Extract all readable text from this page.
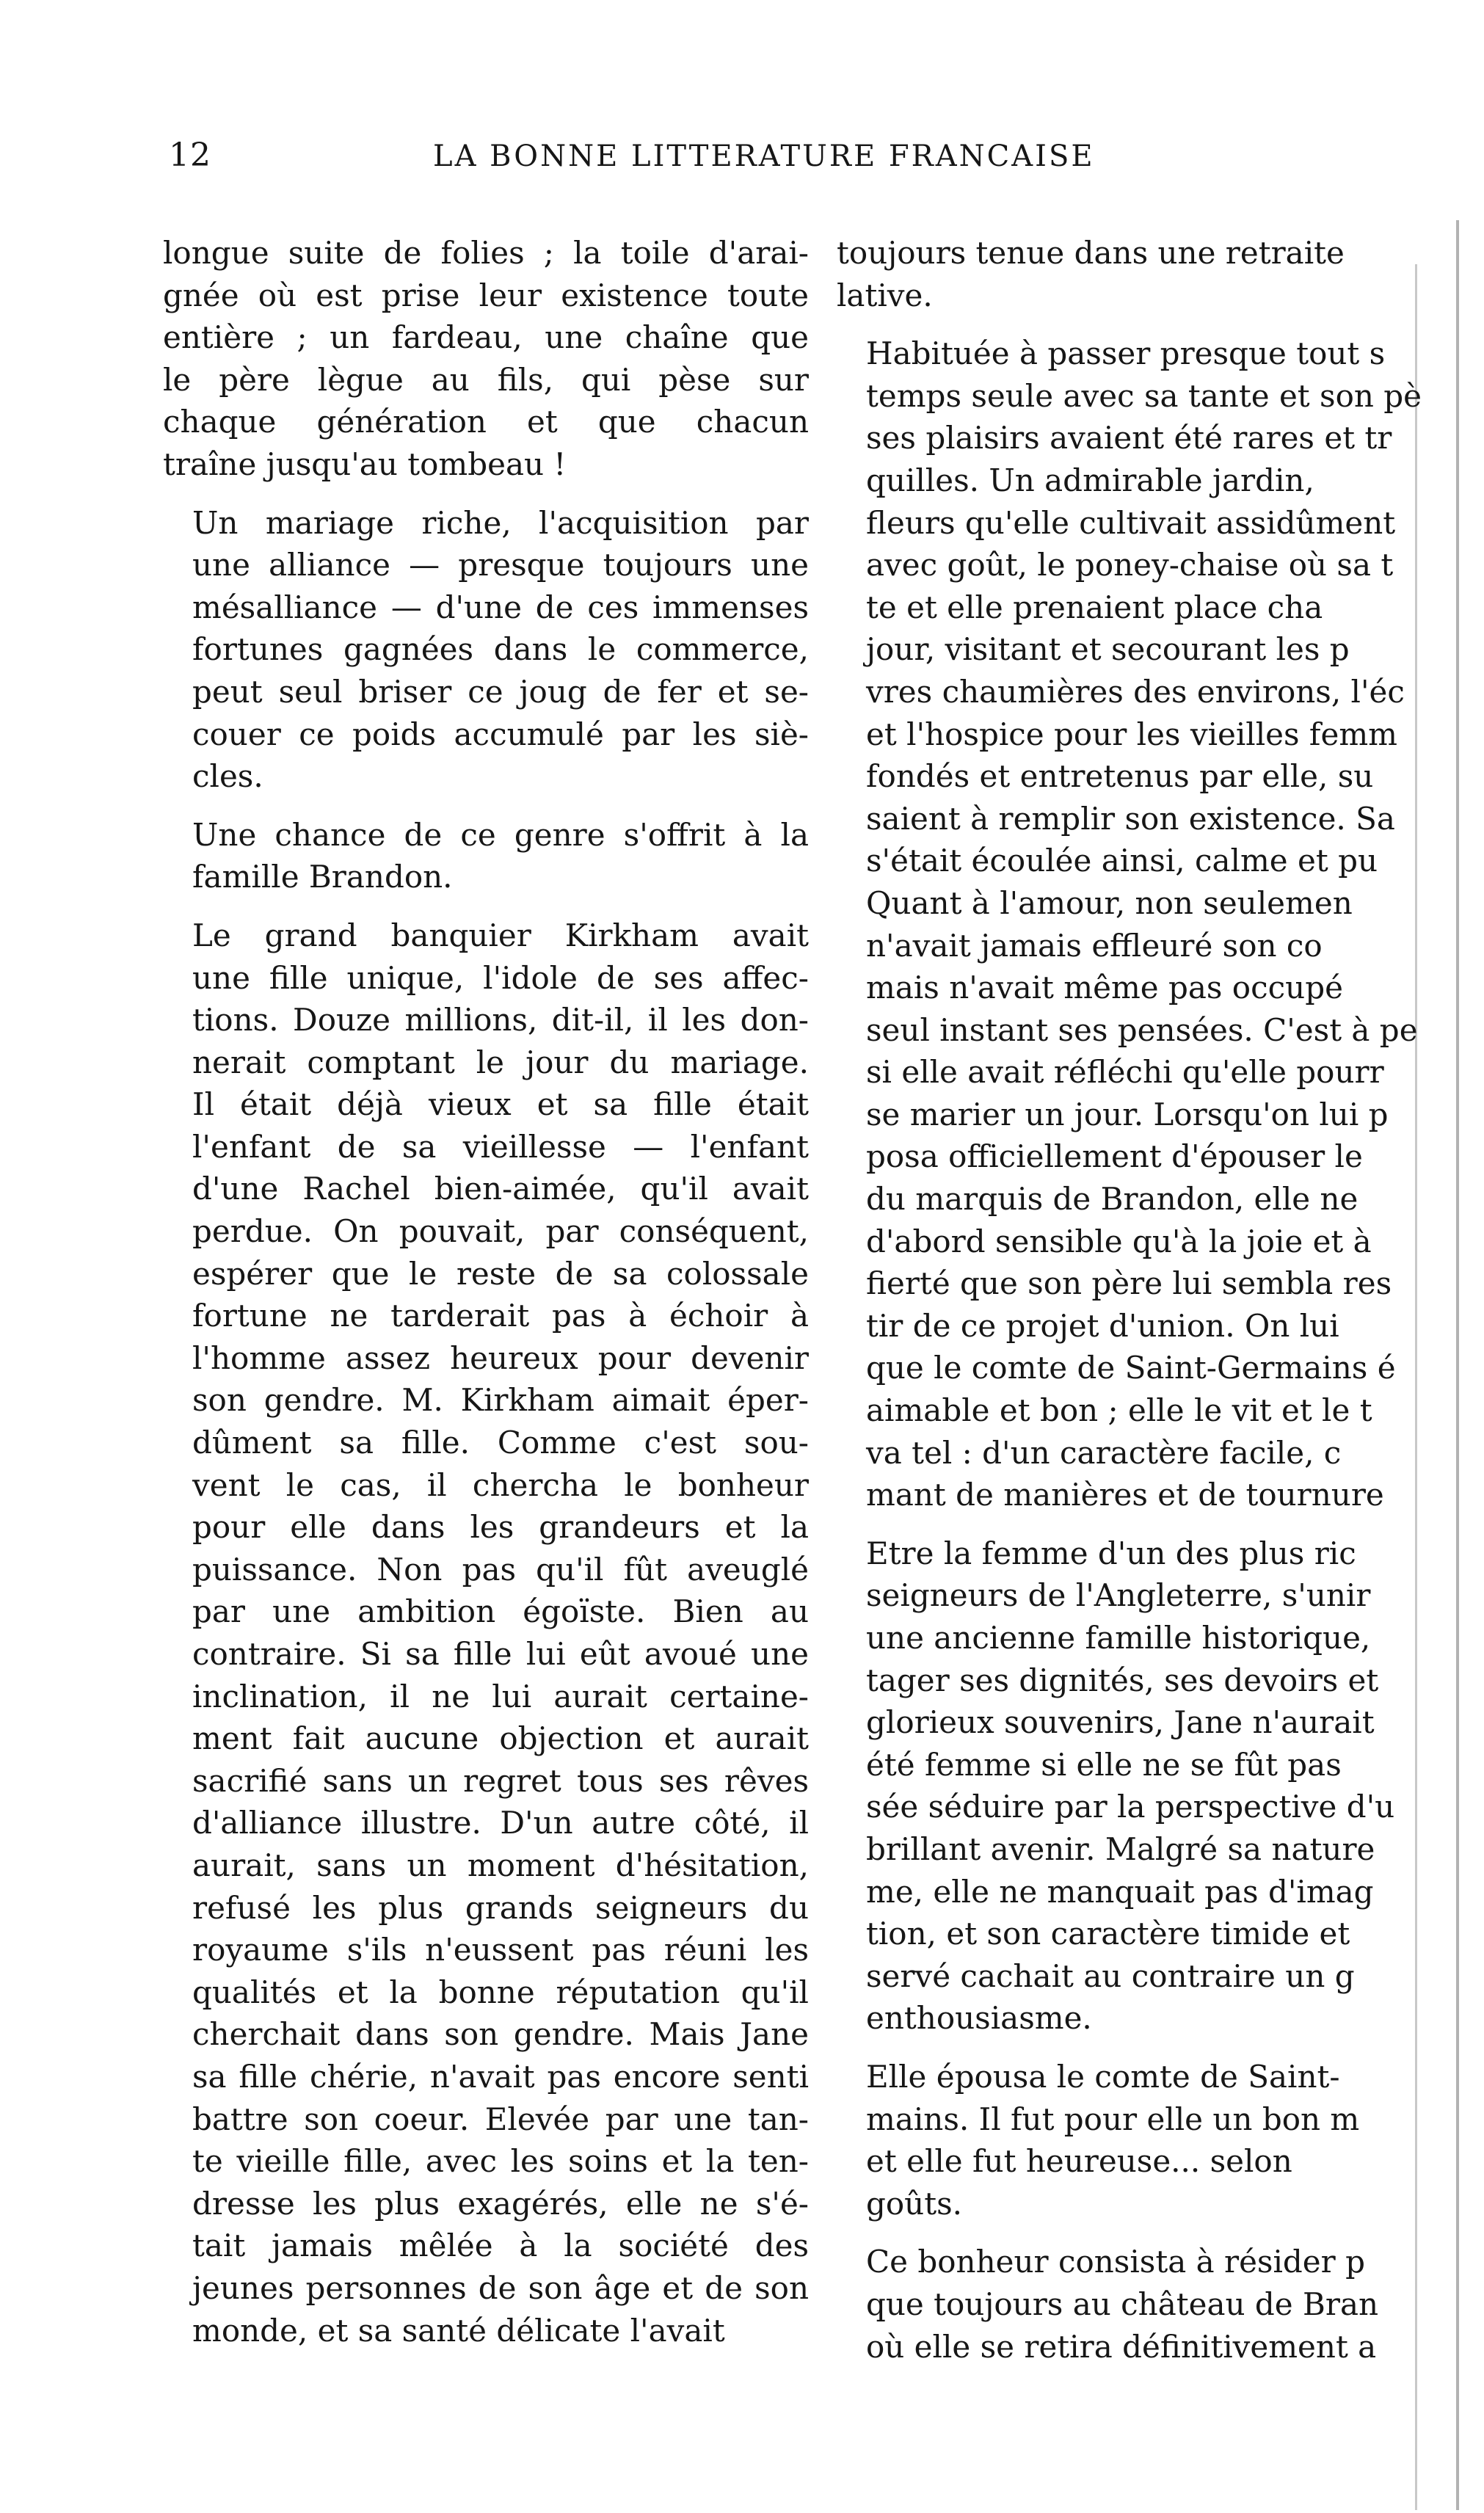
12	LA BONNE LITTERATURE FRANCAISE
longue suite de folies ; la toile d'arai-
gnée où est prise leur existence toute
entière ; un fardeau, une chaîne que
le père lègue au fils, qui pèse sur
chaque génération et que chacun
traîne jusqu'au tombeau !
Un mariage riche, l'acquisition par
une alliance — presque toujours une
mésalliance — d'une de ces immenses
fortunes gagnées dans le commerce,
peut seul briser ce joug de fer et se-
couer ce poids accumulé par les siè-
cles.
Une chance de ce genre s'offrit à la
famille Brandon.
Le grand banquier Kirkham avait
une fille unique, l'idole de ses affec-
tions. Douze millions, dit-il, il les don-
nerait comptant le jour du mariage.
Il était déjà vieux et sa fille était
l'enfant de sa vieillesse — l'enfant
d'une Rachel bien-aimée, qu'il avait
perdue. On pouvait, par conséquent,
espérer que le reste de sa colossale
fortune ne tarderait pas à échoir à
l'homme assez heureux pour devenir
son gendre. M. Kirkham aimait éper-
dûment sa fille. Comme c'est sou-
vent le cas, il chercha le bonheur
pour elle dans les grandeurs et la
puissance. Non pas qu'il fût aveuglé
par une ambition égoïste. Bien au
contraire. Si sa fille lui eût avoué une
inclination, il ne lui aurait certaine-
ment fait aucune objection et aurait
sacrifié sans un regret tous ses rêves
d'alliance illustre. D'un autre côté, il
aurait, sans un moment d'hésitation,
refusé les plus grands seigneurs du
royaume s'ils n'eussent pas réuni les
qualités et la bonne réputation qu'il
cherchait dans son gendre. Mais Jane
sa fille chérie, n'avait pas encore senti
battre son coeur. Elevée par une tan-
te vieille fille, avec les soins et la ten-
dresse les plus exagérés, elle ne s'é-
tait jamais mêlée à la société des
jeunes personnes de son âge et de son
monde, et sa santé délicate l'avait
toujours tenue dans une retraite
lative.
Habituée à passer presque tout s
temps seule avec sa tante et son pè
ses plaisirs avaient été rares et tr
quilles. Un admirable jardin,
fleurs qu'elle cultivait assidûment
avec goût, le poney-chaise où sa t
te et elle prenaient place cha
jour, visitant et secourant les p
vres chaumières des environs, l'éc
et l'hospice pour les vieilles femm
fondés et entretenus par elle, su
saient à remplir son existence. Sa
s'était écoulée ainsi, calme et pu
Quant à l'amour, non seulemen
n'avait jamais effleuré son co
mais n'avait même pas occupé
seul instant ses pensées. C'est à pe
si elle avait réfléchi qu'elle pourr
se marier un jour. Lorsqu'on lui p
posa officiellement d'épouser le
du marquis de Brandon, elle ne
d'abord sensible qu'à la joie et à
fierté que son père lui sembla res
tir de ce projet d'union. On lui
que le comte de Saint-Germains é
aimable et bon ; elle le vit et le t
va tel : d'un caractère facile, c
mant de manières et de tournure
Etre la femme d'un des plus ric
seigneurs de l'Angleterre, s'unir
une ancienne famille historique,
tager ses dignités, ses devoirs et
glorieux souvenirs, Jane n'aurait
été femme si elle ne se fût pas
sée séduire par la perspective d'u
brillant avenir. Malgré sa nature
me, elle ne manquait pas d'imag
tion, et son caractère timide et
servé cachait au contraire un g
enthousiasme.
Elle épousa le comte de Saint-
mains. Il fut pour elle un bon m
et elle fut heureuse... selon
goûts.
Ce bonheur consista à résider p
que toujours au château de Bran
où elle se retira définitivement a
